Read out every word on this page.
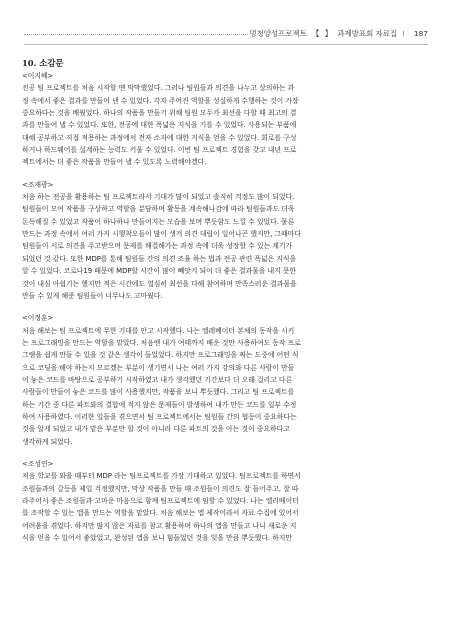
멍청양성프로젝트 【 】 과제발표회 자료집 I 187
10. 소감문
<이지혜>
전공 팀 프로젝트를 처음 시작할 땐 막막했었다. 그러나 팀원들과 의견을 나누고 상의하는 과
정 속에서 좋은 결과를 만들어 낸 수 있었다. 각자 주어진 역할을 성실하게 수행하는 것이 가장
중요하다는 것을 배웠었다. 하나의 작품을 만들기 위해 팀원 모두가 최선을 다할 때 최고의 결
과를 만들어 낼 수 있었다. 또한, 전공에 대한 폭넓은 지식을 기를 수 있었다. 사용되는 부품에
대해 공부하고 직접 적용하는 과정에서 전자 소자에 대한 지식을 얻을 수 있었다. 회로를 구성
하거나 하드웨어를 설계하는 능력도 키울 수 있었다. 이번 팀 프로젝트 경험을 갖고 내년 프로
젝트에서는 더 좋은 작품을 만들어 낼 수 있도록 노력해야겠다.
<조재광>
처음 하는 전공을 활용하는 팀 프로젝트라서 기대가 많이 되었고 솔직히 걱정도 많이 되었다.
팀원들이 모여 작품을 구상하고 역할을 분담하며 활동을 계속해나감에 따라 팀원들과도 더욱
돈독해질 수 있었고 작품이 하나하나 만들어지는 모습을 보며 뿌듯함도 느낄 수 있었다. 물론
만드는 과정 속에서 여러 가지 시행착오들이 많이 생겨 의견 대립이 일어나곤 했지만, 그때마다
팀원들이 서로 의견을 주고받으며 문제를 해결해가는 과정 속에 더욱 성장할 수 있는 계기가
되었던 것 같다. 또한 MDP를 통해 팀원들 간의 의견 조율 하는 법과 전공 관련 폭넓은 지식을
알 수 있었다. 코로나19 때문에 MDP할 시간이 많이 빼앗겨 되어 더 좋은 결과물을 내지 못한
것이 내심 아쉽기는 했지만 적은 시간에도 열심히 최선을 다해 참여하며 만족스러운 결과물을
만들 수 있게 해준 팀원들이 너무나도 고마웠다.
<이정훈>
처음 해보는 팀 프로젝트에 무한 기대를 안고 시작했다. 나는 엘레베이터 본체의 동작을 시키
는 프로그래밍을 만드는 역할을 맡았다. 처음엔 내가 여태까지 배운 것만 사용하여도 동작 프로
그램을 쉽게 만들 수 있을 것 같은 생각이 들었었다. 하지만 프로그래밍을 짜는 도중에 어떤 식
으로 코딩을 해야 하는지 모르겠는 부분이 생기면서 나는 여러 가지 강의와 다른 사람이 만들
어 놓은 코드를 바탕으로 공부하기 시작하였고 내가 생각했던 기간보다 더 오래 걸리고 다른
사람들이 만들어 놓은 코드를 많이 사용했지만, 작품을 보니 뿌듯했다. 그리고 팀 프로젝트를
하는 기간 중 다른 파트와의 결합에 적지 않은 문제들이 발생하여 내가 만든 코드를 일부 수정
하여 사용하였다. 이러한 일들을 겪으면서 팀 프로젝트에서는 팀원들 간의 협동이 중요하다는
것을 알게 되었고 내가 맡은 부분만 할 것이 아니라 다른 파트의 것을 아는 것이 중요하다고
생각하게 되었다.
<조성연>
처음 학교를 와을 때부터 MDP 라는 팀프로젝트를 가장 기대하고 있었다. 팀프로젝트를 하면서
조원들과의 갈등을 제일 걱정했지만, 막상 작품을 만들 때 조원들이 의견도 잘 들어주고, 잘 따
라주어서 좋은 조원들과 고마운 마음으로 함께 팀프로젝트에 임할 수 있었다. 나는 엘리베이터
를 조작할 수 있는 앱을 만드는 역할을 맡았다. 처음 해보는 앱 제작이라서 자료 수집에 있어서
어려움을 겪었다. 하지만 많지 않은 자료를 참고 활용하며 하나의 앱을 만들고 나니 새로운 지
식을 얻을 수 있어서 좋았었고, 완성된 앱을 보니 힘들었던 것을 잊을 만큼 뿌듯했다. 하지만
